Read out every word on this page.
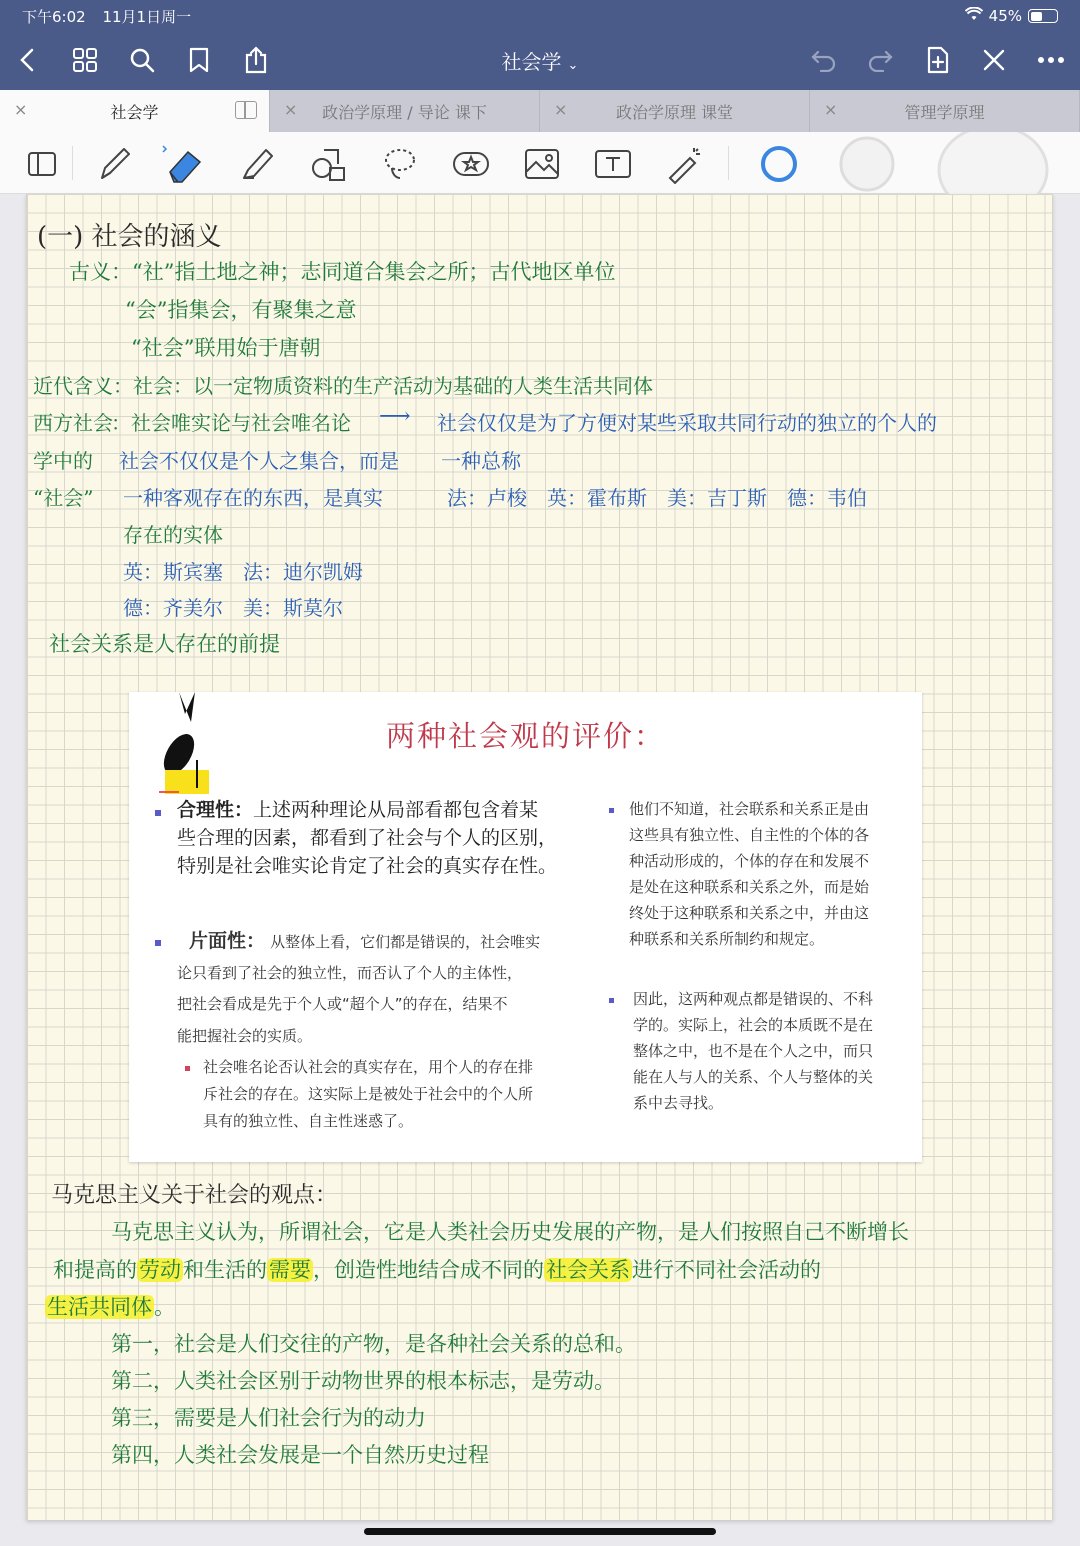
下午6:02 11月1日周一	45%
社会学 ⌄
×	社会学	× 政治学原理 / 导论 课下	×	政治学原理 课堂	×	管理学原理
(一) 社会的涵义
古义：“社”指土地之神；志同道合集会之所；古代地区单位
“会”指集会，有聚集之意
“社会”联用始于唐朝
近代含义：社会：以一定物质资料的生产活动为基础的人类生活共同体
西方社会
：社会唯实论与社会唯名论 ⟶ 社会仅仅是为了方便对某些采取共同行动的独立的个人的
学中的 社会不仅仅是个人之集合，而是 一种总称
“社会” 一种客观存在的东西，是真实	法：卢梭　英：霍布斯　美：吉丁斯　德：韦伯
存在的实体
英：斯宾塞　法：迪尔凯姆
德：齐美尔　美：斯莫尔
社会关系是人存在的前提
两种社会观的评价：
合理性：上述两种理论从局部看都包含着某
些合理的因素，都看到了社会与个人的区别，
特别是社会唯实论肯定了社会的真实存在性。
片面性： 从整体上看，它们都是错误的，社会唯实
论只看到了社会的独立性，而否认了个人的主体性，
把社会看成是先于个人或“超个人”的存在，结果不
能把握社会的实质。
社会唯名论否认社会的真实存在，用个人的存在排
斥社会的存在。这实际上是被处于社会中的个人所
具有的独立性、自主性迷惑了。
他们不知道，社会联系和关系正是由
这些具有独立性、自主性的个体的各
种活动形成的，个体的存在和发展不
是处在这种联系和关系之外，而是始
终处于这种联系和关系之中，并由这
种联系和关系所制约和规定。
因此，这两种观点都是错误的、不科
学的。实际上，社会的本质既不是在
整体之中，也不是在个人之中，而只
能在人与人的关系、个人与整体的关
系中去寻找。
马克思主义关于社会的观点：
马克思主义认为，所谓社会，它是人类社会历史发展的产物，是人们按照自己不断增长
和提高的劳动和生活的需要，创造性地结合成不同的社会关系进行不同社会活动的
生活共同体。
第一，社会是人们交往的产物，是各种社会关系的总和。
第二，人类社会区别于动物世界的根本标志，是劳动。
第三，需要是人们社会行为的动力
第四，人类社会发展是一个自然历史过程
